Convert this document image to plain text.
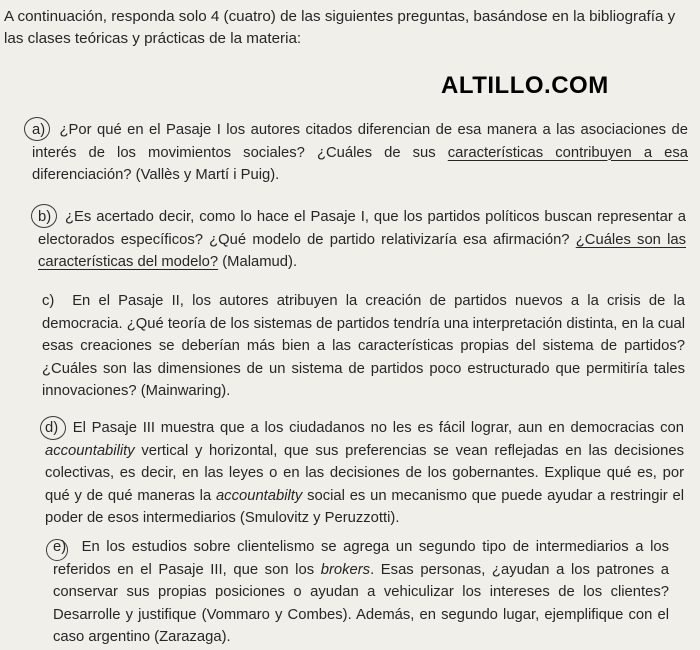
A continuación, responda solo 4 (cuatro) de las siguientes preguntas, basándose en la bibliografía y las clases teóricas y prácticas de la materia:
ALTILLO.COM
a) ¿Por qué en el Pasaje I los autores citados diferencian de esa manera a las asociaciones de interés de los movimientos sociales? ¿Cuáles de sus características contribuyen a esa diferenciación? (Vallès y Martí i Puig).
b) ¿Es acertado decir, como lo hace el Pasaje I, que los partidos políticos buscan representar a electorados específicos? ¿Qué modelo de partido relativizaría esa afirmación? ¿Cuáles son las características del modelo? (Malamud).
c) En el Pasaje II, los autores atribuyen la creación de partidos nuevos a la crisis de la democracia. ¿Qué teoría de los sistemas de partidos tendría una interpretación distinta, en la cual esas creaciones se deberían más bien a las características propias del sistema de partidos? ¿Cuáles son las dimensiones de un sistema de partidos poco estructurado que permitiría tales innovaciones? (Mainwaring).
d) El Pasaje III muestra que a los ciudadanos no les es fácil lograr, aun en democracias con accountability vertical y horizontal, que sus preferencias se vean reflejadas en las decisiones colectivas, es decir, en las leyes o en las decisiones de los gobernantes. Explique qué es, por qué y de qué maneras la accountabilty social es un mecanismo que puede ayudar a restringir el poder de esos intermediarios (Smulovitz y Peruzzotti).
e) En los estudios sobre clientelismo se agrega un segundo tipo de intermediarios a los referidos en el Pasaje III, que son los brokers. Esas personas, ¿ayudan a los patrones a conservar sus propias posiciones o ayudan a vehiculizar los intereses de los clientes? Desarrolle y justifique (Vommaro y Combes). Además, en segundo lugar, ejemplifique con el caso argentino (Zarazaga).
